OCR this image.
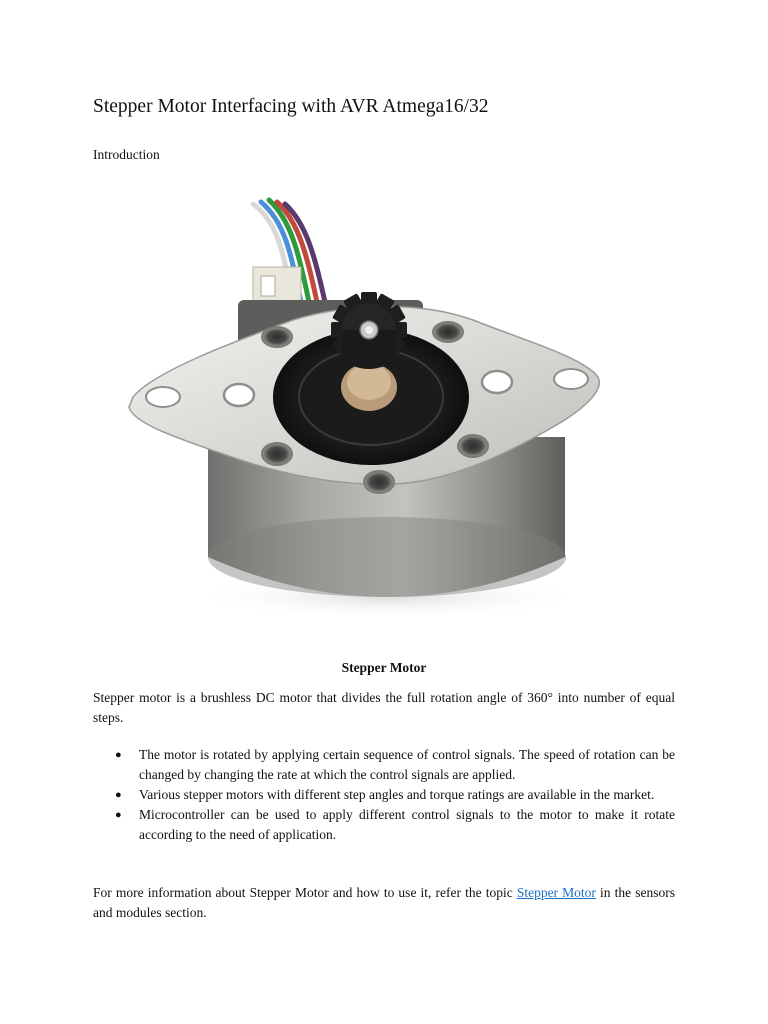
Stepper Motor Interfacing with AVR Atmega16/32
Introduction
Stepper Motor

Stepper motor is a brushless DC motor that divides the full rotation angle of 360° into number of equal steps.

● The motor is rotated by applying certain sequence of control signals. The speed of rotation can be changed by changing the rate at which the control signals are applied.
● Various stepper motors with different step angles and torque ratings are available in the market.
● Microcontroller can be used to apply different control signals to the motor to make it rotate according to the need of application.

For more information about Stepper Motor and how to use it, refer the topic Stepper Motor in the sensors and modules section.
